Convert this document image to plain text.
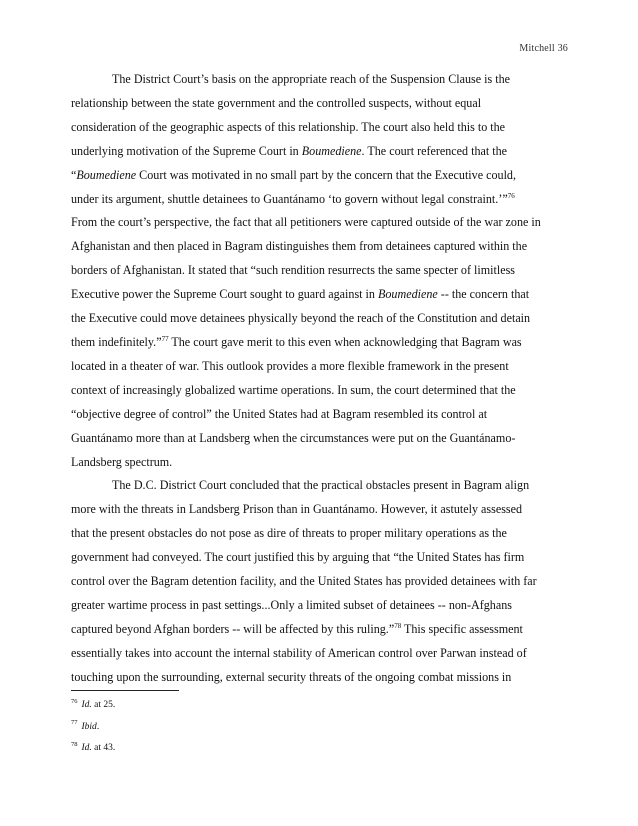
Mitchell 36
The District Court’s basis on the appropriate reach of the Suspension Clause is the
relationship between the state government and the controlled suspects, without equal
consideration of the geographic aspects of this relationship. The court also held this to the
underlying motivation of the Supreme Court in Boumediene. The court referenced that the
“Boumediene Court was motivated in no small part by the concern that the Executive could,
under its argument, shuttle detainees to Guantánamo ‘to govern without legal constraint.’”$^{76}$
From the court’s perspective, the fact that all petitioners were captured outside of the war zone in
Afghanistan and then placed in Bagram distinguishes them from detainees captured within the
borders of Afghanistan. It stated that “such rendition resurrects the same specter of limitless
Executive power the Supreme Court sought to guard against in Boumediene -- the concern that
the Executive could move detainees physically beyond the reach of the Constitution and detain
them indefinitely.”$^{77}$ The court gave merit to this even when acknowledging that Bagram was
located in a theater of war. This outlook provides a more flexible framework in the present
context of increasingly globalized wartime operations. In sum, the court determined that the
“objective degree of control” the United States had at Bagram resembled its control at
Guantánamo more than at Landsberg when the circumstances were put on the Guantánamo-
Landsberg spectrum.
The D.C. District Court concluded that the practical obstacles present in Bagram align
more with the threats in Landsberg Prison than in Guantánamo. However, it astutely assessed
that the present obstacles do not pose as dire of threats to proper military operations as the
government had conveyed. The court justified this by arguing that “the United States has firm
control over the Bagram detention facility, and the United States has provided detainees with far
greater wartime process in past settings...Only a limited subset of detainees -- non-Afghans
captured beyond Afghan borders -- will be affected by this ruling.”$^{78}$ This specific assessment
essentially takes into account the internal stability of American control over Parwan instead of
touching upon the surrounding, external security threats of the ongoing combat missions in
$^{76}$ Id. at 25.
$^{77}$ Ibid.
$^{78}$ Id. at 43.
